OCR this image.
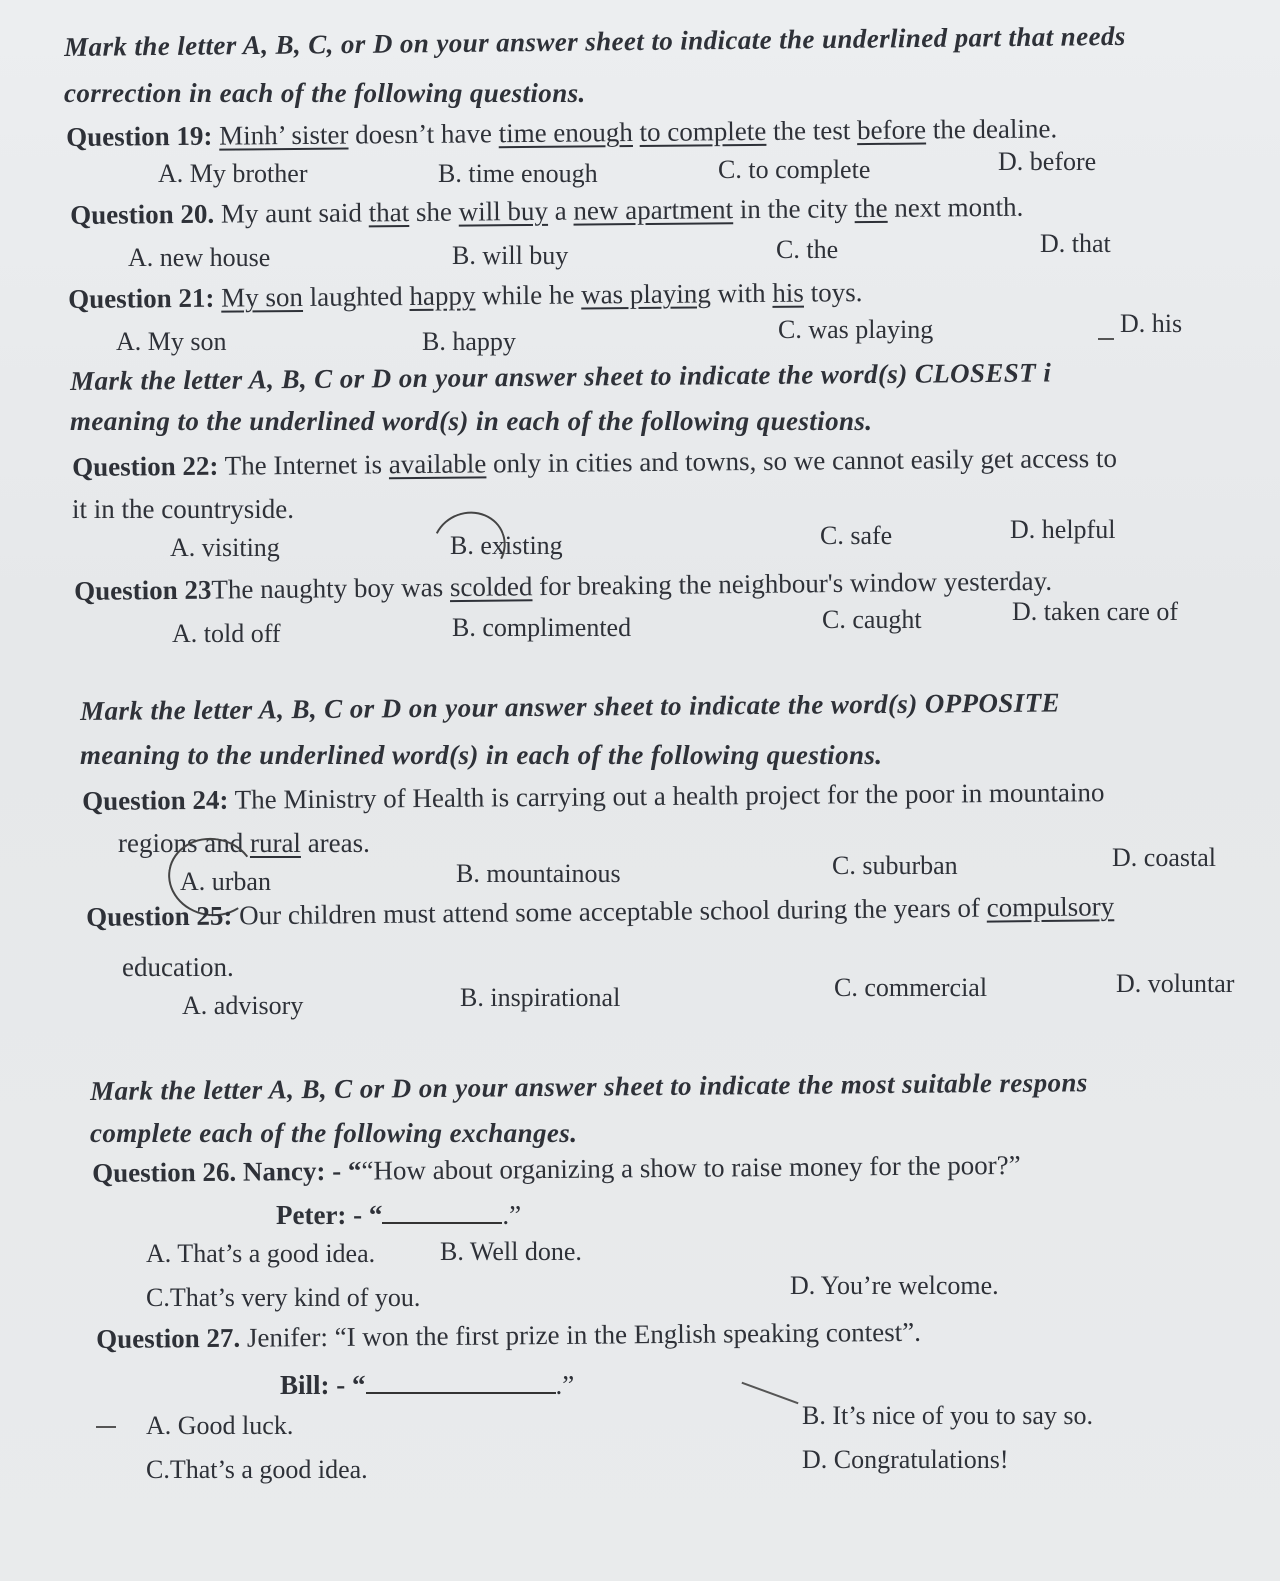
Mark the letter A, B, C, or D on your answer sheet to indicate the underlined part that needs
correction in each of the following questions.
Question 19: Minh’ sister doesn’t have time enough to complete the test before the dealine.
A. My brother	B. time enough	C. to complete	D. before
Question 20. My aunt said that she will buy a new apartment in the city the next month.
A. new house	B. will buy	C. the	D. that
Question 21: My son laughted happy while he was playing with his toys.
A. My son	B. happy	C. was playing	D. his
Mark the letter A, B, C or D on your answer sheet to indicate the word(s) CLOSEST i
meaning to the underlined word(s) in each of the following questions.
Question 22: The Internet is available only in cities and towns, so we cannot easily get access to
it in the countryside.
A. visiting	B. existing	C. safe	D. helpful
Question 23The naughty boy was scolded for breaking the neighbour's window yesterday.
A. told off	B. complimented	C. caught	D. taken care of
Mark the letter A, B, C or D on your answer sheet to indicate the word(s) OPPOSITE
meaning to the underlined word(s) in each of the following questions.
Question 24: The Ministry of Health is carrying out a health project for the poor in mountaino
regions and rural areas.
A. urban	B. mountainous	C. suburban	D. coastal
Question 25: Our children must attend some acceptable school during the years of compulsory
education.
A. advisory	B. inspirational	C. commercial	D. voluntar
Mark the letter A, B, C or D on your answer sheet to indicate the most suitable respons
complete each of the following exchanges.
Question 26. Nancy: - ““How about organizing a show to raise money for the poor?”
Peter: - “	.”
A. That’s a good idea. B. Well done.
C.That’s very kind of you.	D. You’re welcome.
Question 27. Jenifer: “I won the first prize in the English speaking contest”.
Bill: - “	.”
A. Good luck.	B. It’s nice of you to say so.
C.That’s a good idea.	D. Congratulations!
